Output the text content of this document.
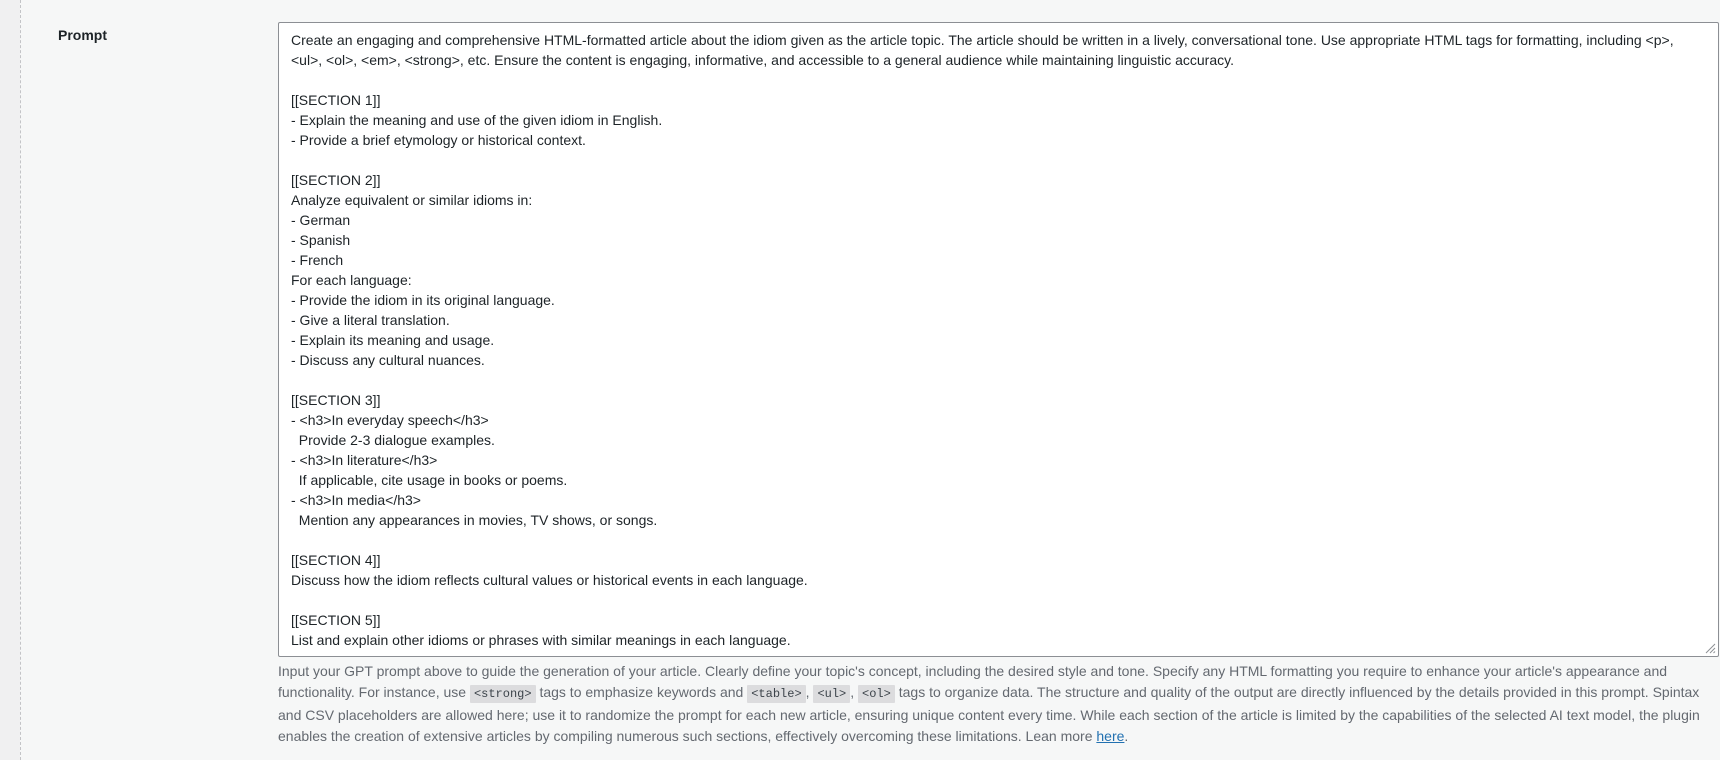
Prompt
Create an engaging and comprehensive HTML-formatted article about the idiom given as the article topic. The article should be written in a lively, conversational tone. Use appropriate HTML tags for formatting, including <p>, <ul>, <ol>, <em>, <strong>, etc. Ensure the content is engaging, informative, and accessible to a general audience while maintaining linguistic accuracy. [[SECTION 1]] - Explain the meaning and use of the given idiom in English. - Provide a brief etymology or historical context. [[SECTION 2]] Analyze equivalent or similar idioms in: - German - Spanish - French For each language: - Provide the idiom in its original language. - Give a literal translation. - Explain its meaning and usage. - Discuss any cultural nuances. [[SECTION 3]] - <h3>In everyday speech</h3> Provide 2-3 dialogue examples. - <h3>In literature</h3> If applicable, cite usage in books or poems. - <h3>In media</h3> Mention any appearances in movies, TV shows, or songs. [[SECTION 4]] Discuss how the idiom reflects cultural values or historical events in each language. [[SECTION 5]] List and explain other idioms or phrases with similar meanings in each language.

Input your GPT prompt above to guide the generation of your article. Clearly define your topic's concept, including the desired style and tone. Specify any HTML formatting you require to enhance your article's appearance and functionality. For instance, use <strong> tags to emphasize keywords and <table> , <ul> , <ol> tags to organize data. The structure and quality of the output are directly influenced by the details provided in this prompt. Spintax and CSV placeholders are allowed here; use it to randomize the prompt for each new article, ensuring unique content every time. While each section of the article is limited by the capabilities of the selected AI text model, the plugin enables the creation of extensive articles by compiling numerous such sections, effectively overcoming these limitations. Lean more here.
